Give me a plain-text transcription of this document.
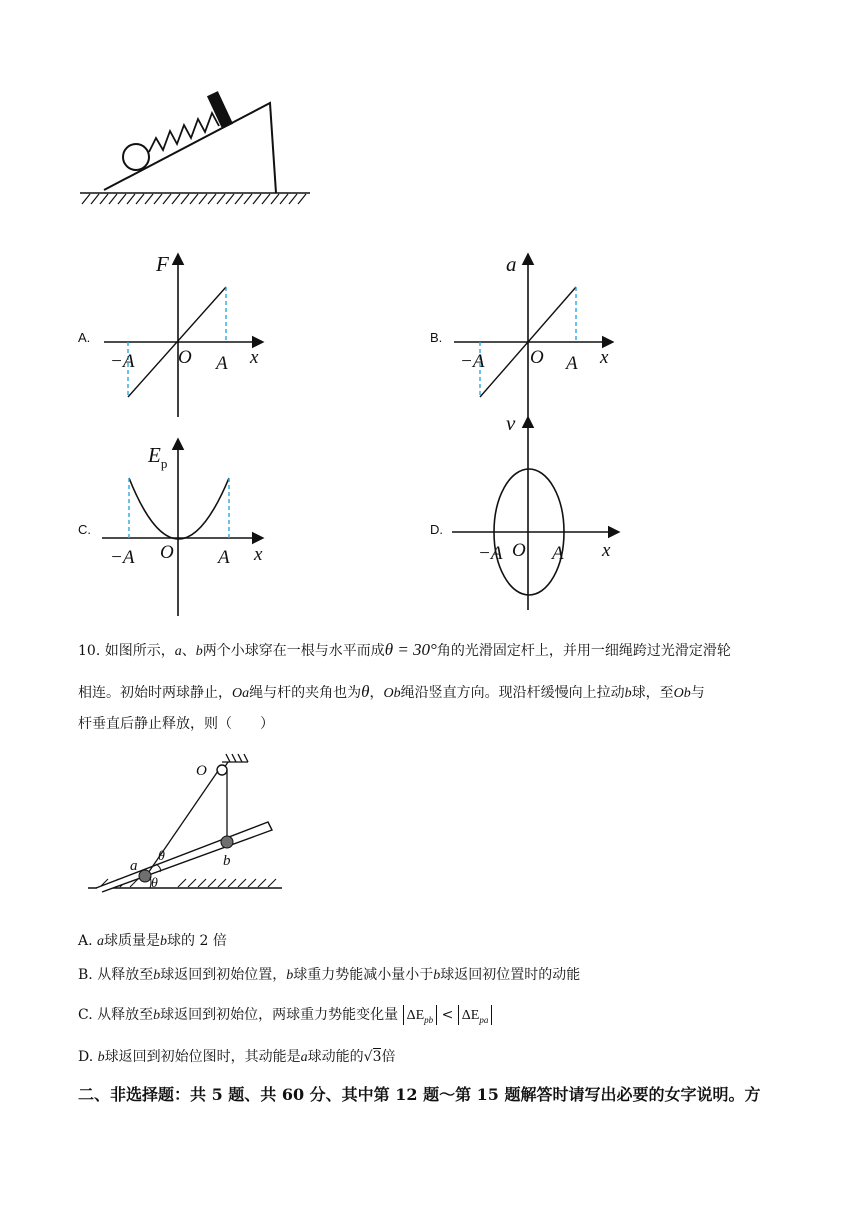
A.
F
O
−A	A x
B.
a
O
−A	A x
C.
$E_p$
O
−A	A x
D.
v
O
−A	A x
10. 如图所示，a、b两个小球穿在一根与水平而成θ = 30°角的光滑固定杆上，并用一细绳跨过光滑定滑轮
相连。初始时两球静止，Oa绳与杆的夹角也为θ，Ob绳沿竖直方向。现沿杆缓慢向上拉动b球，至Ob与
杆垂直后静止释放，则（　　）
O
a	b
θ
θ
A. a球质量是b球的 2 倍
B. 从释放至b球返回到初始位置，b球重力势能减小量小于b球返回初位置时的动能
C. 从释放至b球返回到初始位，两球重力势能变化量 $\Delta E_{pb} < \Delta E_{pa}$
D. b球返回到初始位图时，其动能是a球动能的√3倍
二、非选择题：共 5 题、共 60 分、其中第 12 题～第 15 题解答时请写出必要的女字说明。方
